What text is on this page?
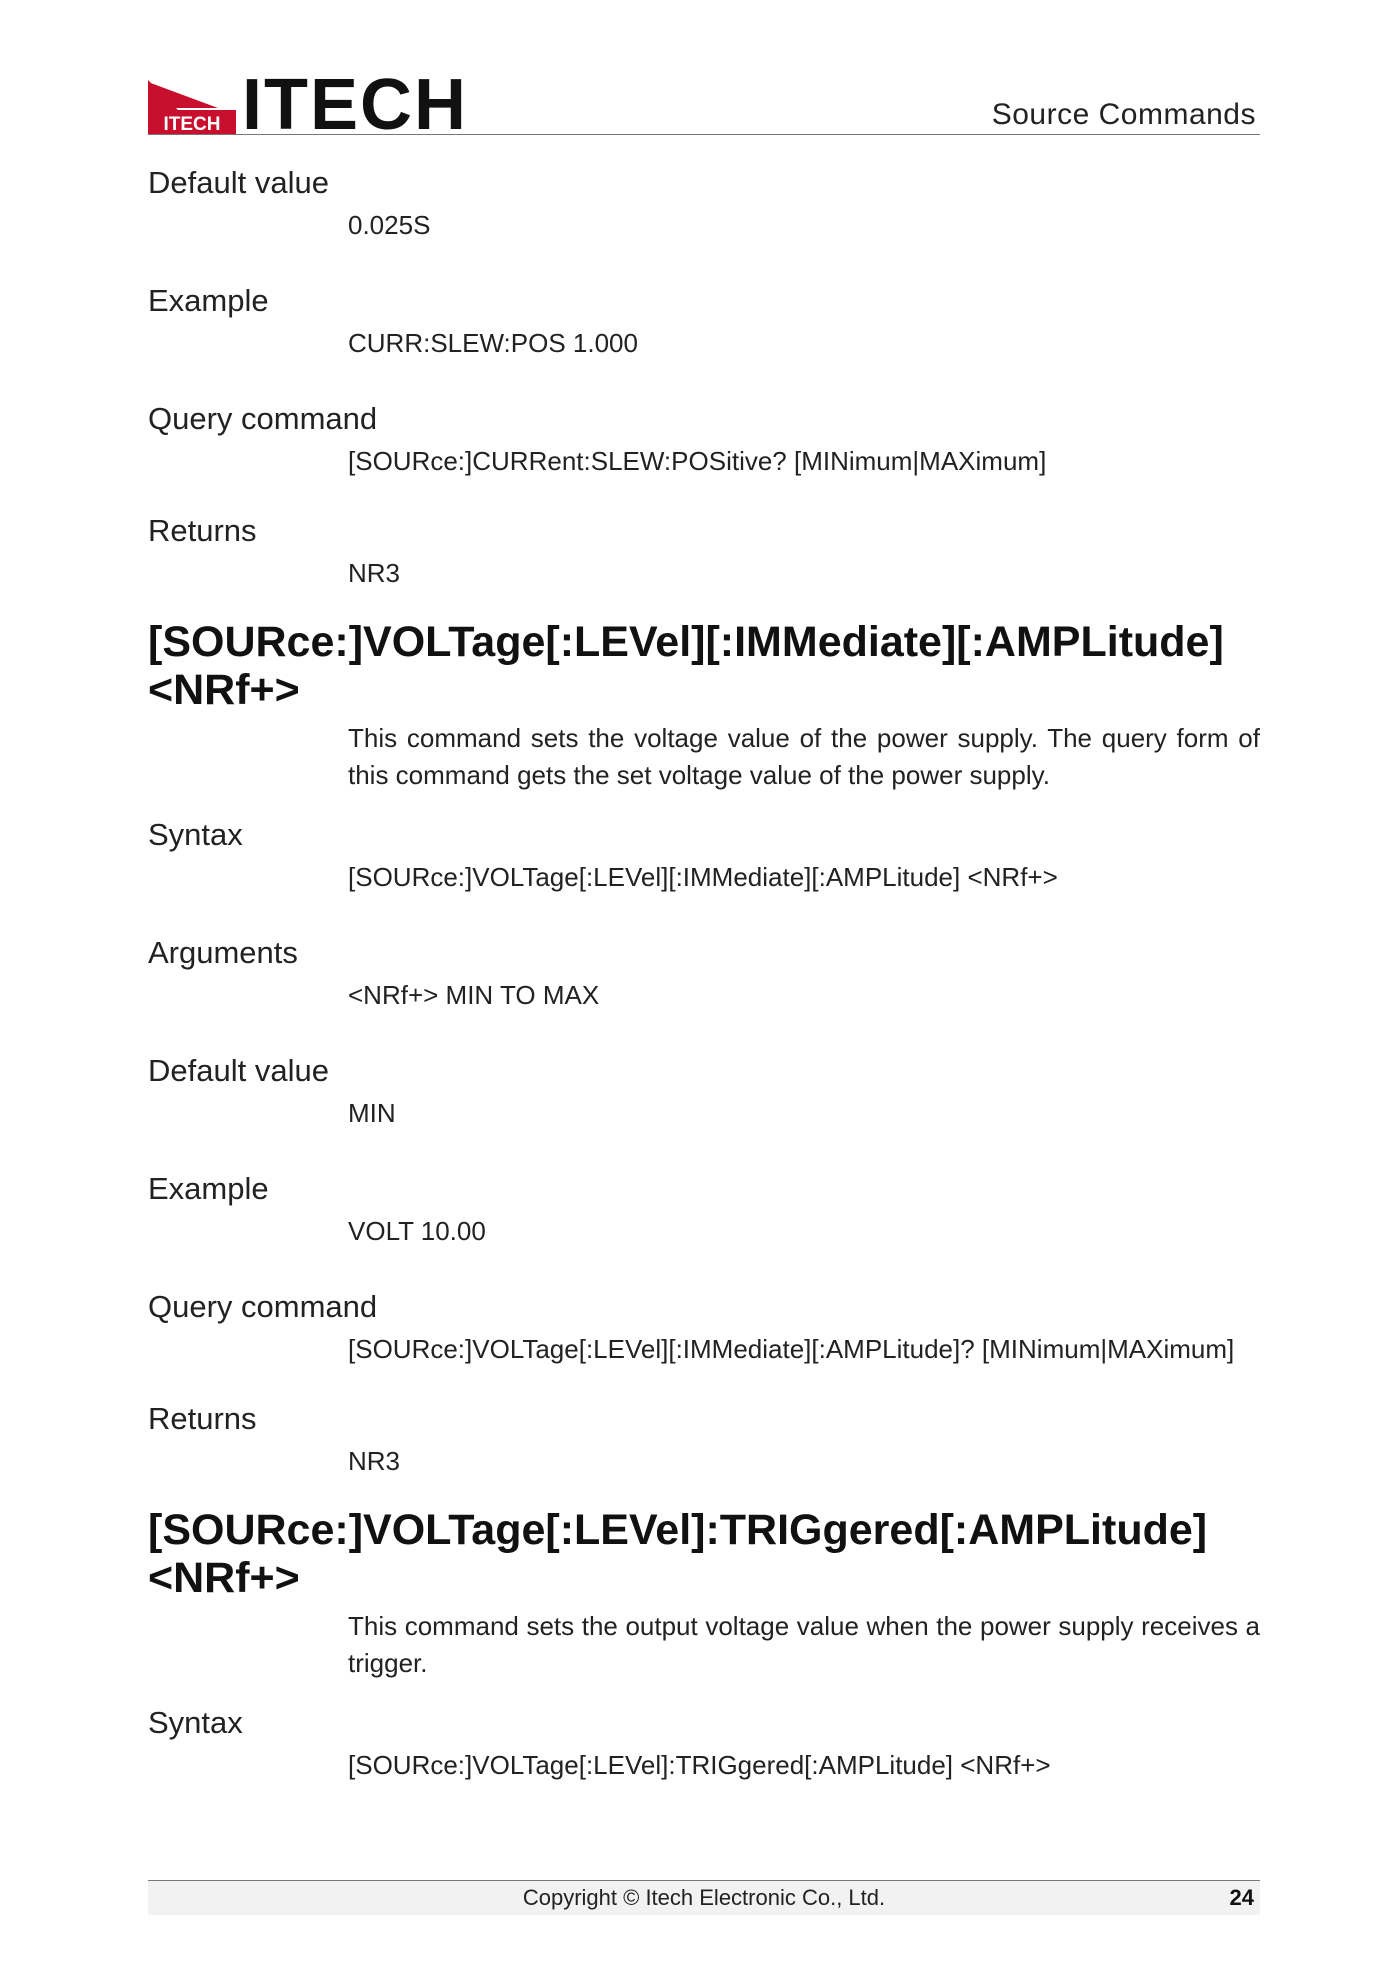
ITECH ITECH	Source Commands
Default value
0.025S
Example
CURR:SLEW:POS 1.000
Query command
[SOURce:]CURRent:SLEW:POSitive? [MINimum|MAXimum]
Returns
NR3
[SOURce:]VOLTage[:LEVel][:IMMediate][:AMPLitude] <NRf+>
This command sets the voltage value of the power supply. The query form of this command gets the set voltage value of the power supply.
Syntax
[SOURce:]VOLTage[:LEVel][:IMMediate][:AMPLitude] <NRf+>
Arguments
<NRf+> MIN TO MAX
Default value
MIN
Example
VOLT 10.00
Query command
[SOURce:]VOLTage[:LEVel][:IMMediate][:AMPLitude]? [MINimum|MAXimum]
Returns
NR3
[SOURce:]VOLTage[:LEVel]:TRIGgered[:AMPLitude] <NRf+>
This command sets the output voltage value when the power supply receives a trigger.
Syntax
[SOURce:]VOLTage[:LEVel]:TRIGgered[:AMPLitude] <NRf+>
Copyright © Itech Electronic Co., Ltd.	24
